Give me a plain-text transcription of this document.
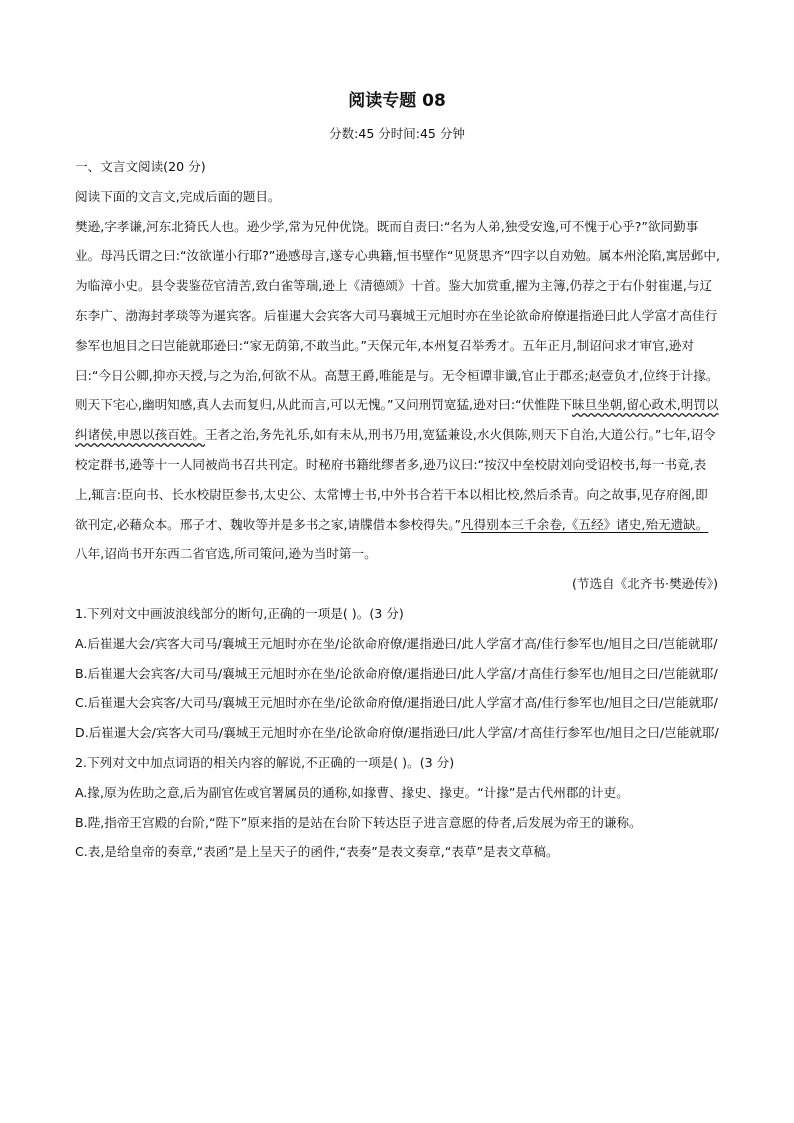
阅读专题 08
分数:45 分时间:45 分钟

一、文言文阅读(20 分)

阅读下面的文言文,完成后面的题目。

樊逊,字孝谦,河东北猗氏人也。逊少学,常为兄仲优饶。既而自责曰:“名为人弟,独受安逸,可不愧于心乎?”欲同勤事业。母冯氏谓之曰:“汝欲谨小行耶?”逊感母言,遂专心典籍,恒书壁作“见贤思齐”四字以自劝勉。属本州沦陷,寓居邺中,为临漳小史。县令裴鉴莅官清苦,致白雀等瑞,逊上《清德颂》十首。鉴大加赏重,擢为主簿,仍荐之于右仆射崔暹,与辽东李广、渤海封孝琰等为暹宾客。后崔暹大会宾客大司马襄城王元旭时亦在坐论欲命府僚暹指逊曰此人学富才高佳行参军也旭目之曰岂能就耶逊曰:“家无荫第,不敢当此。”天保元年,本州复召举秀才。五年正月,制诏问求才审官,逊对曰:“今日公卿,抑亦天授,与之为治,何欲不从。高慧王爵,唯能是与。无令桓谭非谶,官止于郡丞;赵壹负才,位终于计掾。则天下宅心,幽明知感,真人去而复归,从此而言,可以无愧。”又问刑罚宽猛,逊对曰:“伏惟陛下昧旦坐朝,留心政术,明罚以纠诸侯,申恩以孩百姓。王者之治,务先礼乐,如有未从,刑书乃用,宽猛兼设,水火俱陈,则天下自治,大道公行。”七年,诏令校定群书,逊等十一人同被尚书召共刊定。时秘府书籍纰缪者多,逊乃议曰:“按汉中垒校尉刘向受诏校书,每一书竟,表上,辄言:臣向书、长水校尉臣参书,太史公、太常博士书,中外书合若干本以相比校,然后杀青。向之故事,见存府阁,即欲刊定,必藉众本。邢子才、魏收等并是多书之家,请牒借本参校得失。”凡得别本三千余卷,《五经》诸史,殆无遗缺。

八年,诏尚书开东西二省官选,所司策问,逊为当时第一。

(节选自《北齐书·樊逊传》)

1.下列对文中画波浪线部分的断句,正确的一项是( )。(3 分)

A.后崔暹大会/宾客大司马/襄城王元旭时亦在坐/论欲命府僚/暹指逊曰/此人学富才高/佳行参军也/旭目之曰/岂能就耶/

B.后崔暹大会宾客/大司马/襄城王元旭时亦在坐/论欲命府僚/暹指逊曰/此人学富/才高佳行参军也/旭目之曰/岂能就耶/

C.后崔暹大会宾客/大司马/襄城王元旭时亦在坐/论欲命府僚/暹指逊曰/此人学富才高/佳行参军也/旭目之曰/岂能就耶/

D.后崔暹大会/宾客大司马/襄城王元旭时亦在坐/论欲命府僚/暹指逊曰/此人学富/才高佳行参军也/旭目之曰/岂能就耶/

2.下列对文中加点词语的相关内容的解说,不正确的一项是( )。(3 分)

A.掾,原为佐助之意,后为副官佐或官署属员的通称,如掾曹、掾史、掾吏。“计掾”是古代州郡的计吏。

B.陛,指帝王宫殿的台阶,“陛下”原来指的是站在台阶下转达臣子进言意愿的侍者,后发展为帝王的谦称。

C.表,是给皇帝的奏章,“表函”是上呈天子的函件,“表奏”是表文奏章,“表草”是表文草稿。
